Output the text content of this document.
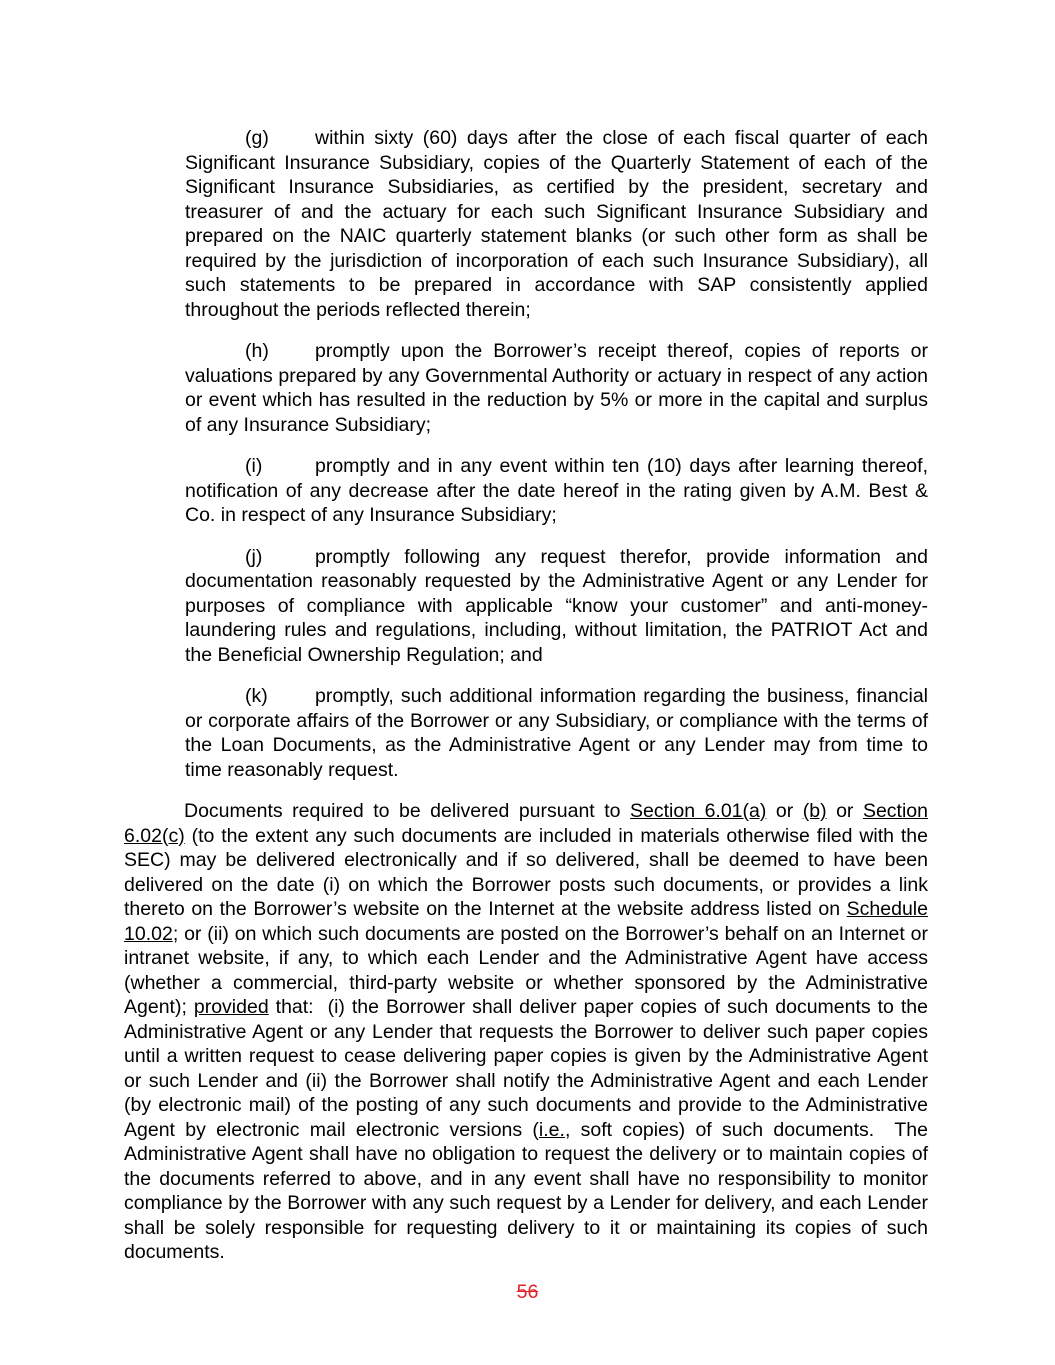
(g) within sixty (60) days after the close of each fiscal quarter of each Significant Insurance Subsidiary, copies of the Quarterly Statement of each of the Significant Insurance Subsidiaries, as certified by the president, secretary and treasurer of and the actuary for each such Significant Insurance Subsidiary and prepared on the NAIC quarterly statement blanks (or such other form as shall be required by the jurisdiction of incorporation of each such Insurance Subsidiary), all such statements to be prepared in accordance with SAP consistently applied throughout the periods reflected therein;

(h) promptly upon the Borrower’s receipt thereof, copies of reports or valuations prepared by any Governmental Authority or actuary in respect of any action or event which has resulted in the reduction by 5% or more in the capital and surplus of any Insurance Subsidiary;

(i)	promptly and in any event within ten (10) days after learning thereof, notification of any decrease after the date hereof in the rating given by A.M. Best & Co. in respect of any Insurance Subsidiary;

(j)	promptly following any request therefor, provide information and documentation reasonably requested by the Administrative Agent or any Lender for purposes of compliance with applicable “know your customer” and anti-money-laundering rules and regulations, including, without limitation, the PATRIOT Act and the Beneficial Ownership Regulation; and

(k) promptly, such additional information regarding the business, financial or corporate affairs of the Borrower or any Subsidiary, or compliance with the terms of the Loan Documents, as the Administrative Agent or any Lender may from time to time reasonably request.

Documents required to be delivered pursuant to Section 6.01(a) or (b) or Section 6.02(c) (to the extent any such documents are included in materials otherwise filed with the SEC) may be delivered electronically and if so delivered, shall be deemed to have been delivered on the date (i) on which the Borrower posts such documents, or provides a link thereto on the Borrower’s website on the Internet at the website address listed on Schedule 10.02; or (ii) on which such documents are posted on the Borrower’s behalf on an Internet or intranet website, if any, to which each Lender and the Administrative Agent have access (whether a commercial, third-party website or whether sponsored by the Administrative Agent); provided that:  (i) the Borrower shall deliver paper copies of such documents to the Administrative Agent or any Lender that requests the Borrower to deliver such paper copies until a written request to cease delivering paper copies is given by the Administrative Agent or such Lender and (ii) the Borrower shall notify the Administrative Agent and each Lender (by electronic mail) of the posting of any such documents and provide to the Administrative Agent by electronic mail electronic versions (i.e., soft copies) of such documents.  The Administrative Agent shall have no obligation to request the delivery or to maintain copies of the documents referred to above, and in any event shall have no responsibility to monitor compliance by the Borrower with any such request by a Lender for delivery, and each Lender shall be solely responsible for requesting delivery to it or maintaining its copies of such documents.

56
